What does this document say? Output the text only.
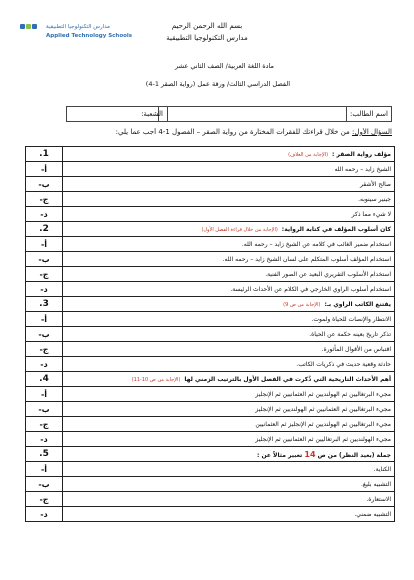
مدارس التكنولوجيا التطبيقية
Applied Technology Schools
بسم الله الرحمن الرحيم
مدارس التكنولوجيا التطبيقية
مادة اللغة العربية/ الصف الثاني عشر
الفصل الدراسي الثالث/ ورقة عمل (رواية الصقر 1-4)
اسم الطالب:
الشعبة:
السؤال الأول: من خلال قراءتك للفقرات المختارة من رواية الصقر – الفصول 1-4 أجب عما يلي:
مؤلف رواية الصقر :(الإجابة من الغلاف)	1.
الشيخ زايد – رحمه الله	أ-
صالح الأشقر	ب-
جينير سينوبه.	ج-
لا شيء مما ذكر	د-
كان أسلوب المؤلف في كتابة الرواية:(الإجابة من خلال قراءة الفصل الأول)	2.
استخدام ضمير الغائب في كلامه عن الشيخ زايد – رحمه الله.	أ-
استخدام المؤلف أسلوب المتكلم على لسان الشيخ زايد – رحمه الله.	ب-
استخدام الأسلوب التقريري البعيد عن الصور الفنية.	ج-
استخدام أسلوب الراوي الخارجي في الكلام عن الأحداث الرئيسة.	د-
يقتنع الكاتب الراوي بـ:(الإجابة من ص 9)	3.
الانتظار والإنصات للحياة ولموت.	أ-
تذكر تاريخ بعينه حكمة عن الحياة.	ب-
اقتباس من الأقوال المأثورة.	ج-
حادثة وقعية حديث في ذكريات الكاتب.	د-
أهم الأحداث التاريخية التي ذُكرت في الفصل الأول بالترتيب الزمني لها(الإجابة من ص 10-11)	4.
مجيء البرتغاليين ثم الهولنديين ثم العثمانيين ثم الإنجليز	أ-
مجيء البرتغاليين ثم العثمانيين ثم الهولنديين ثم الإنجليز	ب-
مجيء البرتغاليين ثم الهولنديين ثم الإنجليز ثم العثمانيين	ج-
مجيء الهولنديين ثم البرتغاليين ثم العثمانيين ثم الإنجليز	د-
جملة (بعيد النظر) من ص 14 تعبير مثالاً عن :	5.
الكناية.	أ-
التشبيه بليغ.	ب-
الاستعارة.	ج-
التشبيه ضمني.	د-
